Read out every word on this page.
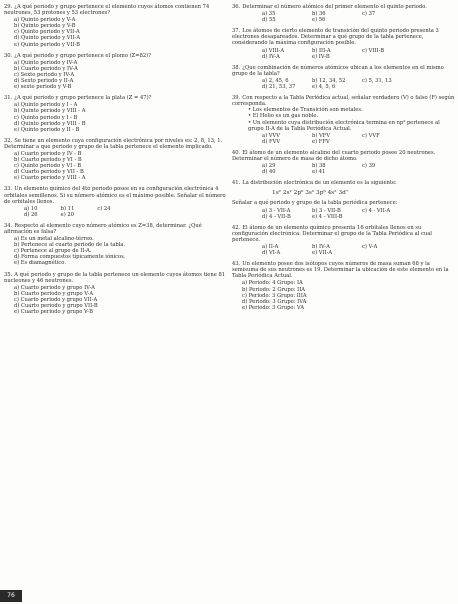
29. ¿A qué periodo y grupo pertenece el elemento cuyos átomos contienen 74 neutrones, 53 protones y 53 electrones?
a) Quinto periodo y V-A
b) Quinto periodo y V-B
c) Quinto periodo y VII-A
d) Quinto periodo y VII-A
e) Quinto periodo y VII-B
30. ¿A qué periodo y grupo pertenece el plomo (Z=82)?
a) Quinto periodo y IV-A
b) Cuarto periodo y IV-A
c) Sexto periodo y IV-A
d) Sexto periodo y II-A
e) sexto periodo y V-B
31. ¿A qué periodo y grupo pertenece la plata (Z = 47)?
a) Quinto periodo y I - A
b) Quinto periodo y VIII - A
c) Quinto periodo y I - B
d) Quinto periodo y VIII - B
e) Quinto periodo y II - B
32. Se tiene un elemento cuya configuración electrónica por niveles es: 2, 8, 13, 1. Determinar a que periodo y grupo de la tabla pertenece el elemento implicado.
a) Cuarto periodo y IV - B
b) Cuarto periodo y VI - B
c) Quinto periodo y VI - B
d) Cuarto periodo y VII - B
e) Cuarto periodo y VIII - A
33. Un elemento químico del 4to periodo posee en su configuración electrónica 4 orbitales semillenos. Si su número atómico es el máximo posible. Señalar el número de orbitales llenos.
a) 10	b) 11	c) 24
d) 26	e) 20
34. Respecto al elemento cuyo número atómico es Z=38, determinar. ¿Qué afirmación es falsa?
a) Es un metal alcalino-térreo.
b) Pertenece al cuarto periodo de la tabla.
c) Pertenece al grupo de II-A.
d) Forma compuestos típicamente iónicos.
e) Es diamagnético.
35. A qué periodo y grupo de la tabla pertenece un elemento cuyos átomos tiene 81 nucleones y 46 neutrones.
a) Cuarto periodo y grupo IV-A
b) Cuarto periodo y grupo V-A
c) Cuarto periodo y grupo VII-A
d) Cuarto periodo y grupo VII-B
e) Cuarto periodo y grupo V-B
36. Determinar el número atómico del primer elemento el quinto periodo.
a) 35	b) 36	c) 37
d) 55	e) 56
37. Los átomos de cierto elemento de transición del quinto periodo presenta 3 electrones desapareados. Determinar a qué grupo de la tabla pertenece, considerando la máxima configuración posible.
a) VIII-A	b) III-A	c) VIII-B
d) IV-A	e) IV-B
38. ¿Que combinación de números atómicos ubican a los elementos en el mismo grupo de la tabla?
a) 2, 45, 6	b) 12, 34, 52	c) 5, 31, 13
d) 21, 53, 37	e) 4, 5, 6
39. Con respecto a la Tabla Periódica actual, señalar verdadero (V) o falso (F) según corresponda.
• Los elementos de Transición son metales.
• El Helio es un gas noble.
• Un elemento cuya distribución electrónica termina en np² pertenece al grupo II-A de la Tabla Periódica Actual.
a) VVV	b) VFV	c) VVF
d) FVV	e) FFV
40. El átomo de un elemento alcalino del cuarto periodo posee 20 neutrones. Determinar el número de masa de dicho átomo.
a) 29	b) 38	c) 39
d) 40	e) 41
41. La distribución electrónica de un elemento es la siguiente:
1s² 2s² 2p⁶ 3s² 3p⁶ 4s² 3d⁷
Señalar a qué periodo y grupo de la tabla periódica pertenece:
a) 3 - VII-A	b) 3 - VII-B	c) 4 - VII-A
d) 4 - VII-B	e) 4 - VIII-B
42. El átomo de un elemento químico presenta 16 orbitales llenos en su configuración electrónica. Determinar el grupo de la Tabla Periódica al cual pertenece.
a) II-A	b) IV-A	c) V-A
d) VI-A	e) VII-A
43. Un elemento posee dos isótopos cuyos números de masa suman 68 y la semisuma de sus neutrones es 19. Determinar la ubicación de este elemento en la Tabla Periódica Actual.
a) Periodo: 4 Grupo: IA
b) Periodo: 2 Grupo: IIA
c) Periodo: 3 Grupo: IIIA
d) Periodo: 3 Grupo: IVA
e) Periodo: 3 Grupo: VA
76
